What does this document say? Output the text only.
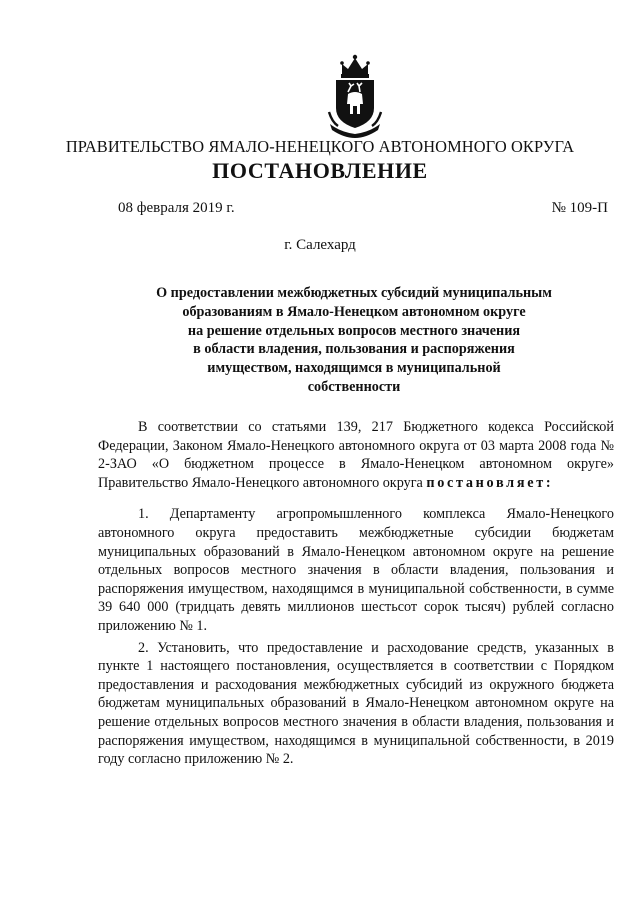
ПРАВИТЕЛЬСТВО ЯМАЛО-НЕНЕЦКОГО АВТОНОМНОГО ОКРУГА
ПОСТАНОВЛЕНИЕ
08 февраля 2019 г.	№ 109-П
г. Салехард
О предоставлении межбюджетных субсидий муниципальным
образованиям в Ямало-Ненецком автономном округе
на решение отдельных вопросов местного значения
в области владения, пользования и распоряжения
имуществом, находящимся в муниципальной
собственности

В соответствии со статьями 139, 217 Бюджетного кодекса Российской Федерации, Законом Ямало-Ненецкого автономного округа от 03 марта 2008 года № 2-ЗАО «О бюджетном процессе в Ямало-Ненецком автономном округе» Правительство Ямало-Ненецкого автономного округа постановляет:

1. Департаменту агропромышленного комплекса Ямало-Ненецкого автономного округа предоставить межбюджетные субсидии бюджетам муниципальных образований в Ямало-Ненецком автономном округе на решение отдельных вопросов местного значения в области владения, пользования и распоряжения имуществом, находящимся в муниципальной собственности, в сумме 39 640 000 (тридцать девять миллионов шестьсот сорок тысяч) рублей согласно приложению № 1.

2. Установить, что предоставление и расходование средств, указанных в пункте 1 настоящего постановления, осуществляется в соответствии с Порядком предоставления и расходования межбюджетных субсидий из окружного бюджета бюджетам муниципальных образований в Ямало-Ненецком автономном округе на решение отдельных вопросов местного значения в области владения, пользования и распоряжения имуществом, находящимся в муниципальной собственности, в 2019 году согласно приложению № 2.
